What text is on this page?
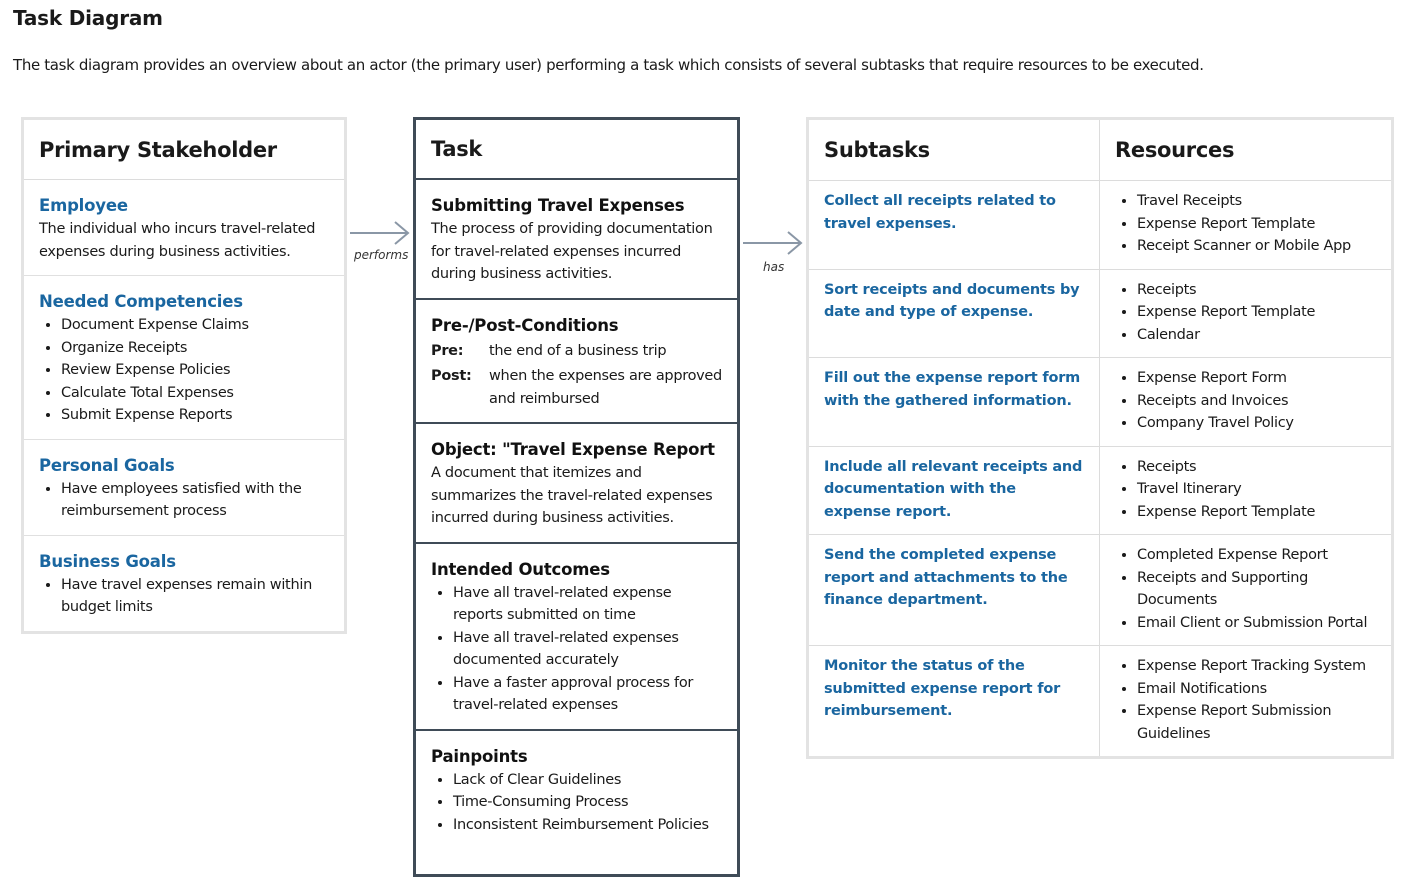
Task Diagram

The task diagram provides an overview about an actor (the primary user) performing a task which consists of several subtasks that require resources to be executed.

Primary Stakeholder
Employee
The individual who incurs travel-related expenses during business activities.
Needed Competencies
• Document Expense Claims
• Organize Receipts
• Review Expense Policies
• Calculate Total Expenses
• Submit Expense Reports
Personal Goals
• Have employees satisfied with the reimbursement process
Business Goals
• Have travel expenses remain within budget limits
performs
Task
Submitting Travel Expenses
The process of providing documentation for travel-related expenses incurred during business activities.
Pre-/Post-Conditions
Pre:	the end of a business trip
Post:	when the expenses are approved and reimbursed
Object: "Travel Expense Report
A document that itemizes and summarizes the travel-related expenses incurred during business activities.
Intended Outcomes
• Have all travel-related expense reports submitted on time
• Have all travel-related expenses documented accurately
• Have a faster approval process for travel-related expenses
Painpoints
• Lack of Clear Guidelines
• Time-Consuming Process
• Inconsistent Reimbursement Policies
has
Subtasks	Resources
Collect all receipts related to travel expenses.
• Travel Receipts
• Expense Report Template
• Receipt Scanner or Mobile App
Sort receipts and documents by date and type of expense.
• Receipts
• Expense Report Template
• Calendar
Fill out the expense report form with the gathered information.
• Expense Report Form
• Receipts and Invoices
• Company Travel Policy
Include all relevant receipts and documentation with the expense report.
• Receipts
• Travel Itinerary
• Expense Report Template
Send the completed expense report and attachments to the finance department.
• Completed Expense Report
• Receipts and Supporting Documents
• Email Client or Submission Portal
Monitor the status of the submitted expense report for reimbursement.
• Expense Report Tracking System
• Email Notifications
• Expense Report Submission Guidelines
